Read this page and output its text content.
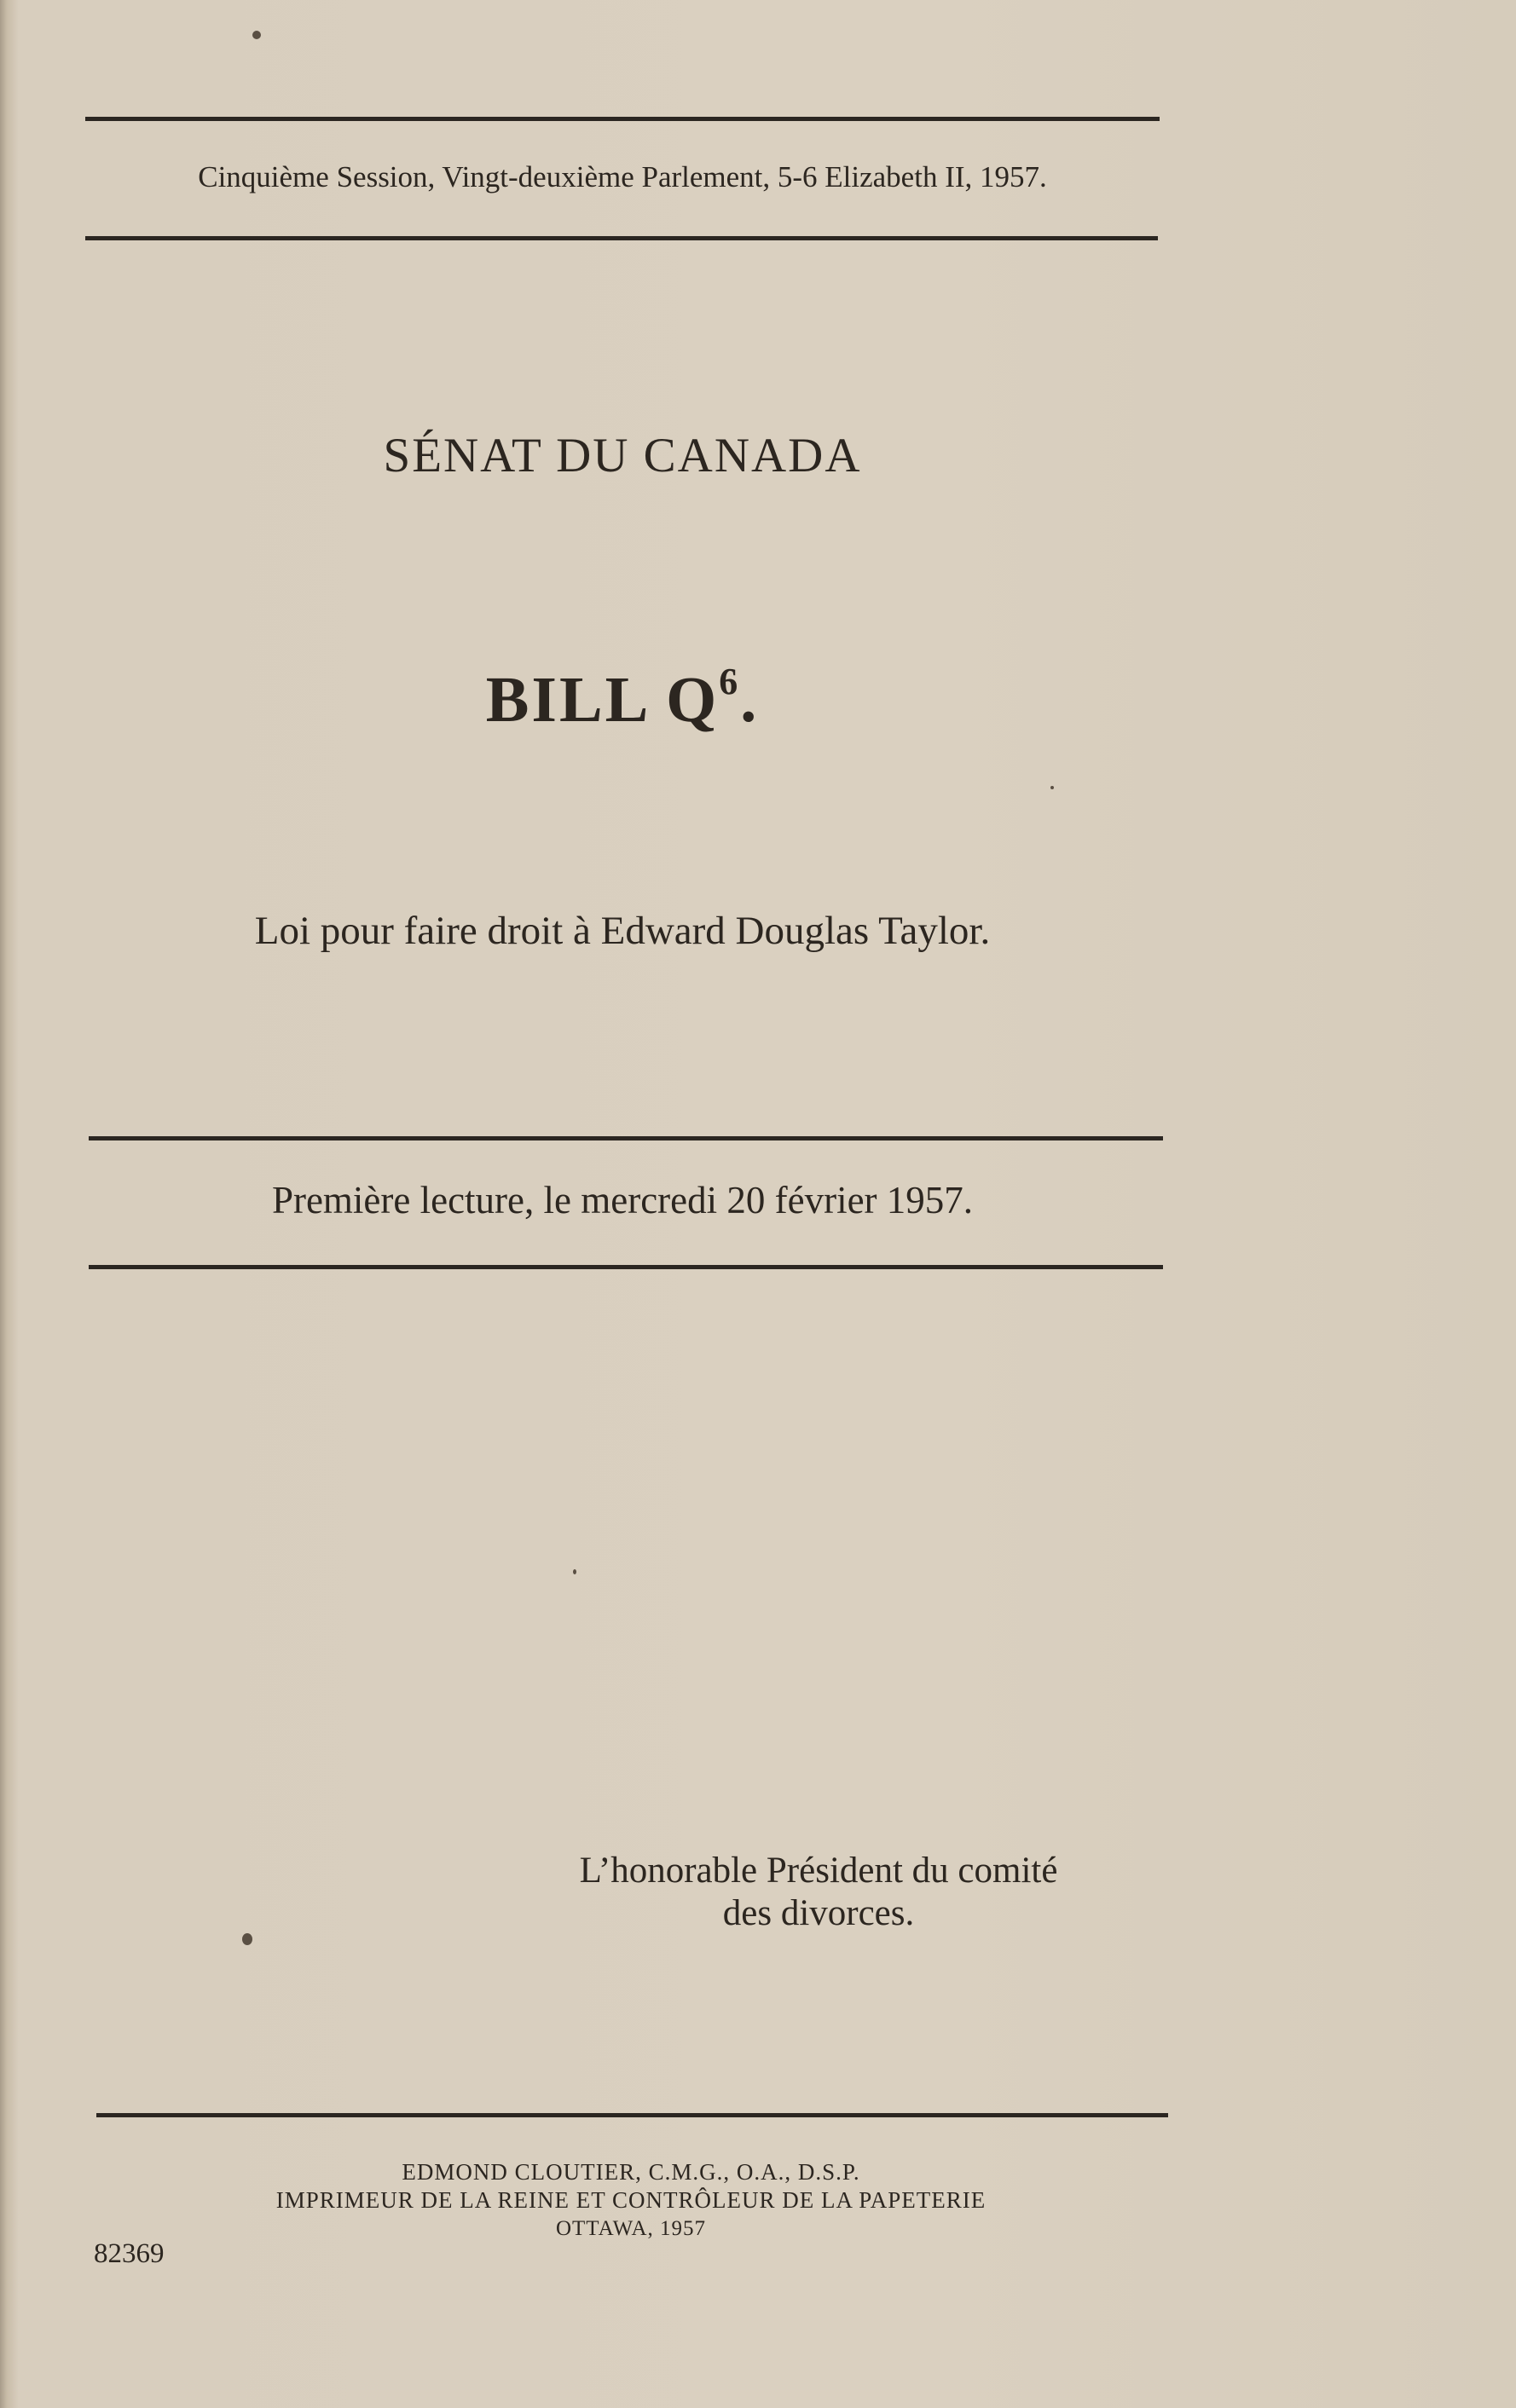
Cinquième Session, Vingt-deuxième Parlement, 5-6 Elizabeth II, 1957.
SÉNAT DU CANADA
BILL $Q^6$.
Loi pour faire droit à Edward Douglas Taylor.
Première lecture, le mercredi 20 février 1957.
L’honorable Président du comité
des divorces.
EDMOND CLOUTIER, C.M.G., O.A., D.S.P.
IMPRIMEUR DE LA REINE ET CONTRÔLEUR DE LA PAPETERIE
OTTAWA, 1957
82369
